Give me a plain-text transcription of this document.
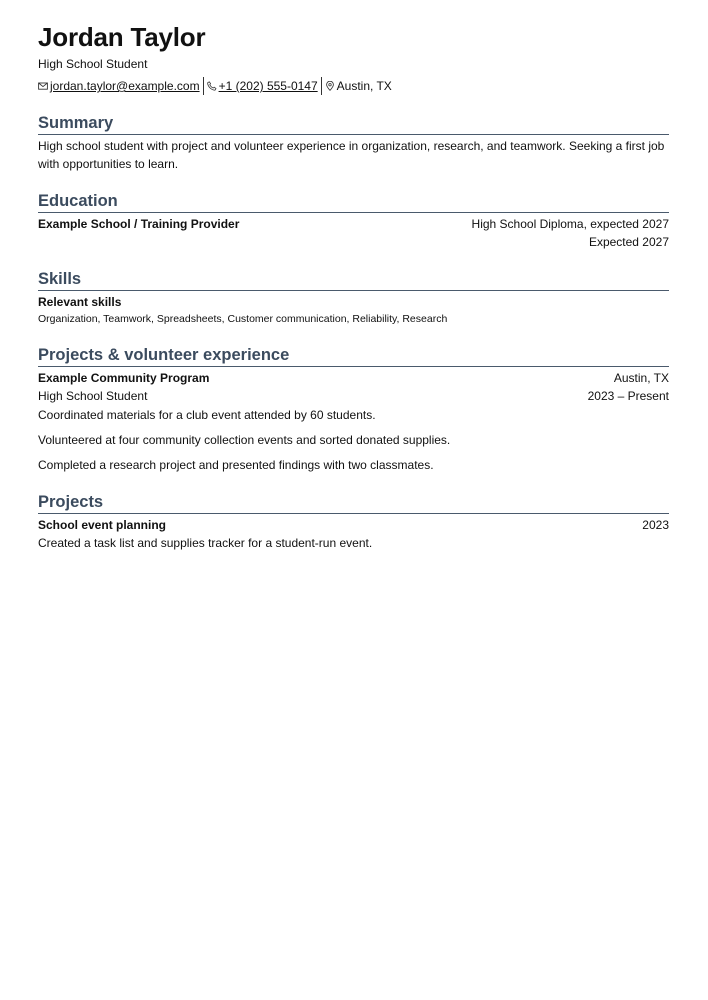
Jordan Taylor
High School Student
jordan.taylor@example.com +1 (202) 555-0147 Austin, TX
Summary
High school student with project and volunteer experience in organization, research, and teamwork. Seeking a first job with opportunities to learn.
Education
Example School / Training Provider	High School Diploma, expected 2027
Expected 2027
Skills
Relevant skills
Organization, Teamwork, Spreadsheets, Customer communication, Reliability, Research
Projects & volunteer experience
Example Community Program	Austin, TX
High School Student	2023 – Present
Coordinated materials for a club event attended by 60 students.
Volunteered at four community collection events and sorted donated supplies.
Completed a research project and presented findings with two classmates.
Projects
School event planning	2023
Created a task list and supplies tracker for a student-run event.
